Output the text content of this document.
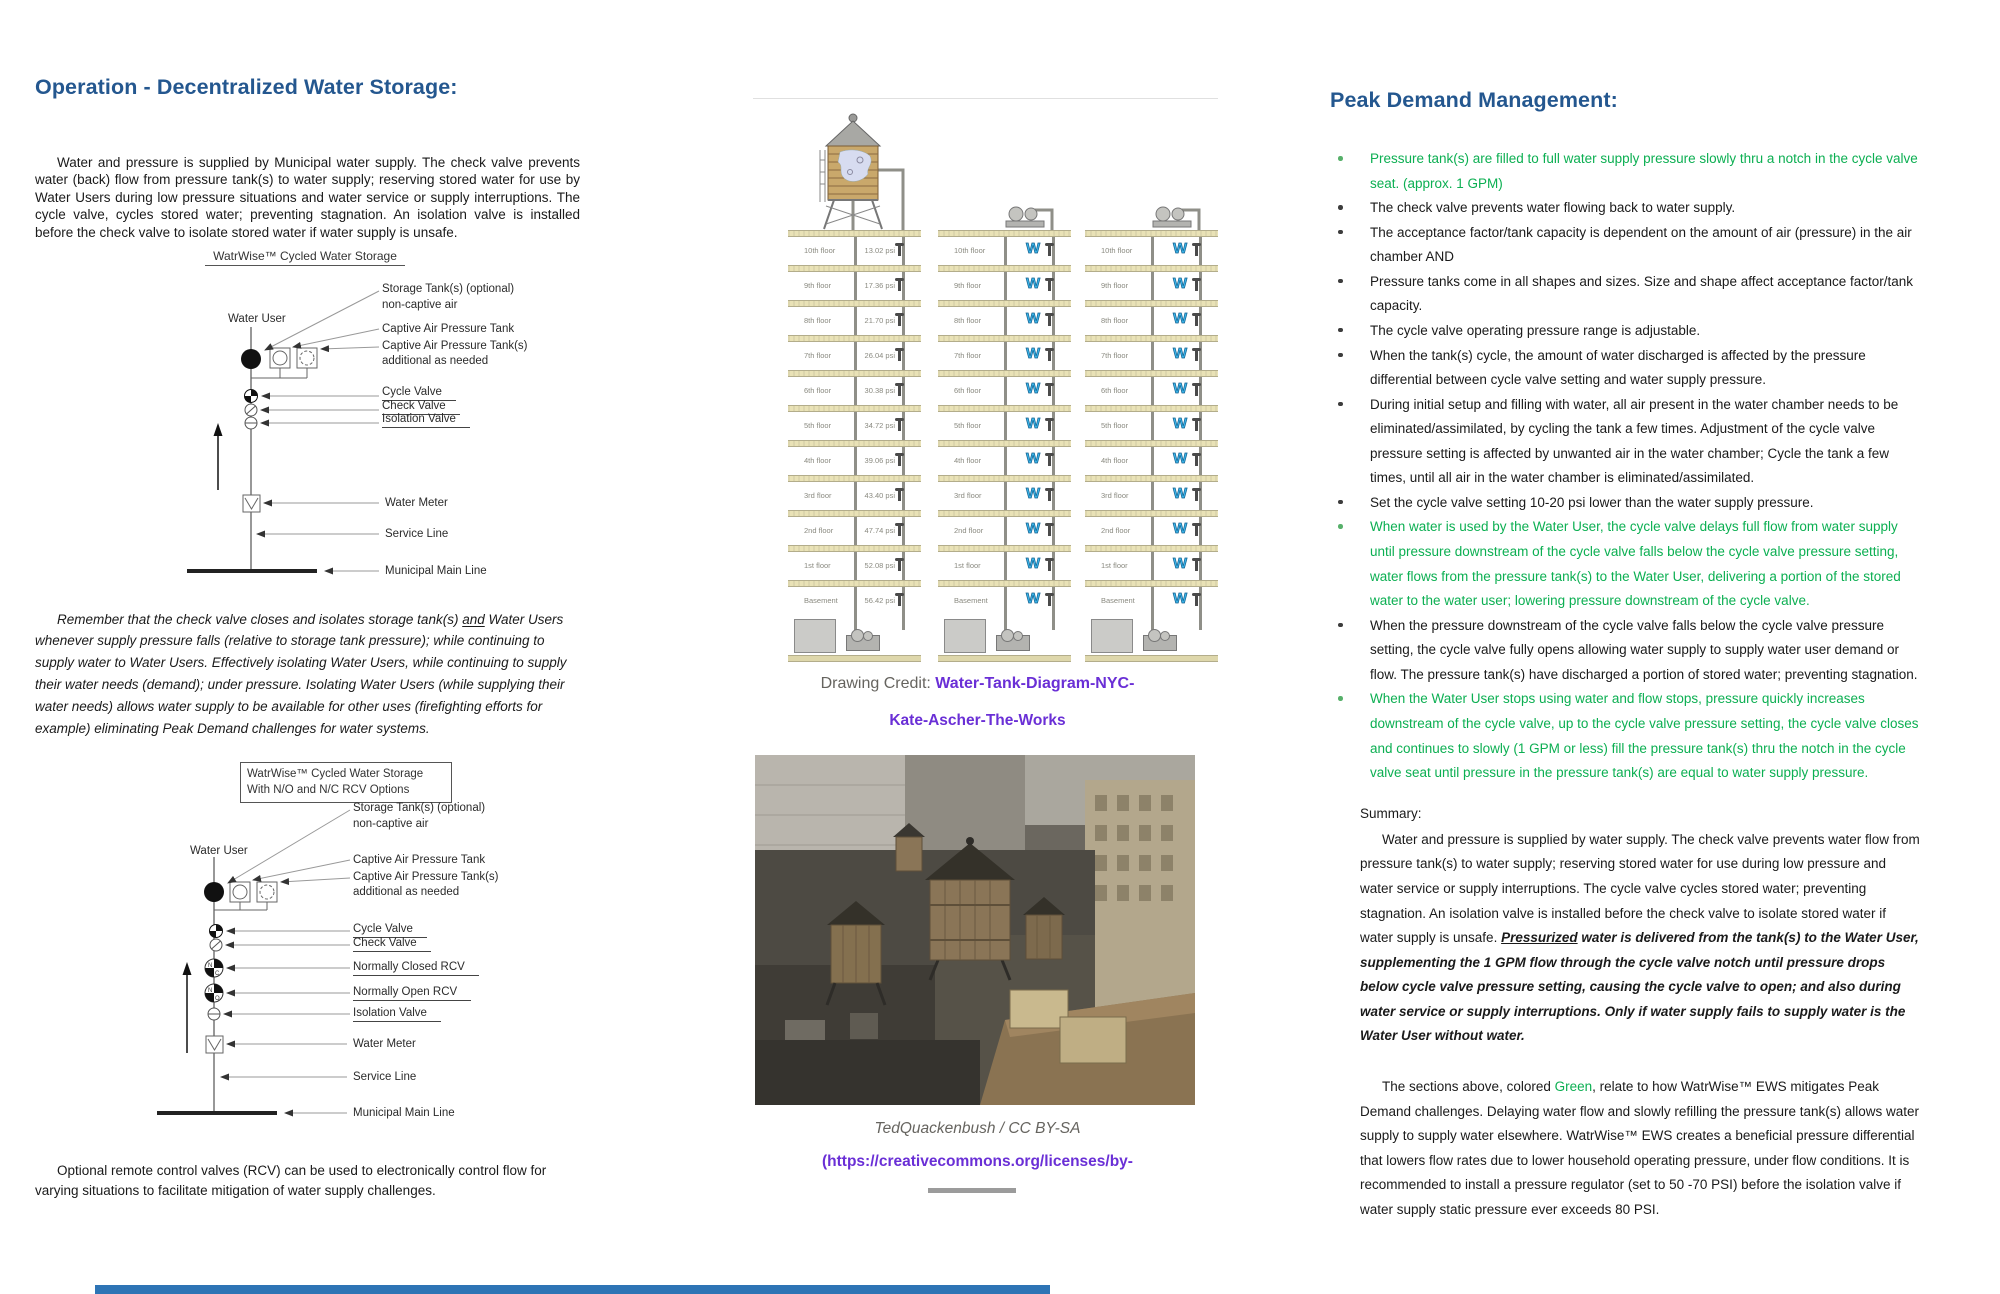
Operation - Decentralized Water Storage:

Water and pressure is supplied by Municipal water supply. The check valve prevents water (back) flow from pressure tank(s) to water supply; reserving stored water for use by Water Users during low pressure situations and water service or supply interruptions. The cycle valve, cycles stored water; preventing stagnation. An isolation valve is installed before the check valve to isolate stored water if water supply is unsafe.

WatrWise™ Cycled Water Storage
Storage Tank(s) (optional)
non-captive air
Water User
Captive Air Pressure Tank
Captive Air Pressure Tank(s)
additional as needed
Cycle Valve
Check Valve
Isolation Valve
Water Meter
Service Line
Municipal Main Line

Remember that the check valve closes and isolates storage tank(s) and Water Users whenever supply pressure falls (relative to storage tank pressure); while continuing to supply water to Water Users. Effectively isolating Water Users, while continuing to supply their water needs (demand); under pressure. Isolating Water Users (while supplying their water needs) allows water supply to be available for other uses (firefighting efforts for example) eliminating Peak Demand challenges for water systems.

N
C
N
O
WatrWise™ Cycled Water Storage
With N/O and N/C RCV Options
Storage Tank(s) (optional)
non-captive air
Water User
Captive Air Pressure Tank
Captive Air Pressure Tank(s)
additional as needed
Cycle Valve
Check Valve
Normally Closed RCV
Normally Open RCV
Isolation Valve
Water Meter
Service Line
Municipal Main Line

Optional remote control valves (RCV) can be used to electronically control flow for varying situations to facilitate mitigation of water supply challenges.

10th floor	13.02 psi
9th floor	17.36 psi
8th floor	21.70 psi
7th floor	26.04 psi
6th floor	30.38 psi
5th floor	34.72 psi
4th floor	39.06 psi
3rd floor	43.40 psi
2nd floor	47.74 psi
1st floor	52.08 psi
Basement	56.42 psi
10th floor	W
9th floor	W
8th floor	W
7th floor	W
6th floor	W
5th floor	W
4th floor	W
3rd floor	W
2nd floor	W
1st floor	W
Basement	W
10th floor	W
9th floor	W
8th floor	W
7th floor	W
6th floor	W
5th floor	W
4th floor	W
3rd floor	W
2nd floor	W
1st floor	W
Basement	W
Drawing Credit: Water-Tank-Diagram-NYC-
Kate-Ascher-The-Works
TedQuackenbush / CC BY-SA
(https://creativecommons.org/licenses/by-
Peak Demand Management:
Pressure tank(s) are filled to full water supply pressure slowly thru a notch in the cycle valve seat. (approx. 1 GPM)
The check valve prevents water flowing back to water supply.
The acceptance factor/tank capacity is dependent on the amount of air (pressure) in the air chamber AND
Pressure tanks come in all shapes and sizes. Size and shape affect acceptance factor/tank capacity.
The cycle valve operating pressure range is adjustable.
When the tank(s) cycle, the amount of water discharged is affected by the pressure differential between cycle valve setting and water supply pressure.
During initial setup and filling with water, all air present in the water chamber needs to be eliminated/assimilated, by cycling the tank a few times. Adjustment of the cycle valve pressure setting is affected by unwanted air in the water chamber; Cycle the tank a few times, until all air in the water chamber is eliminated/assimilated.
Set the cycle valve setting 10-20 psi lower than the water supply pressure.
When water is used by the Water User, the cycle valve delays full flow from water supply until pressure downstream of the cycle valve falls below the cycle valve pressure setting, water flows from the pressure tank(s) to the Water User, delivering a portion of the stored water to the water user; lowering pressure downstream of the cycle valve.
When the pressure downstream of the cycle valve falls below the cycle valve pressure setting, the cycle valve fully opens allowing water supply to supply water user demand or flow. The pressure tank(s) have discharged a portion of stored water; preventing stagnation.
When the Water User stops using water and flow stops, pressure quickly increases downstream of the cycle valve, up to the cycle valve pressure setting, the cycle valve closes and continues to slowly (1 GPM or less) fill the pressure tank(s) thru the notch in the cycle valve seat until pressure in the pressure tank(s) are equal to water supply pressure.
Summary:

Water and pressure is supplied by water supply. The check valve prevents water flow from pressure tank(s) to water supply; reserving stored water for use during low pressure and water service or supply interruptions. The cycle valve cycles stored water; preventing stagnation. An isolation valve is installed before the check valve to isolate stored water if water supply is unsafe. Pressurized water is delivered from the tank(s) to the Water User, supplementing the 1 GPM flow through the cycle valve notch until pressure drops below cycle valve pressure setting, causing the cycle valve to open; and also during water service or supply interruptions. Only if water supply fails to supply water is the Water User without water.

The sections above, colored Green, relate to how WatrWise™ EWS mitigates Peak Demand challenges. Delaying water flow and slowly refilling the pressure tank(s) allows water supply to supply water elsewhere. WatrWise™ EWS creates a beneficial pressure differential that lowers flow rates due to lower household operating pressure, under flow conditions. It is recommended to install a pressure regulator (set to 50 -70 PSI) before the isolation valve if water supply static pressure ever exceeds 80 PSI.
